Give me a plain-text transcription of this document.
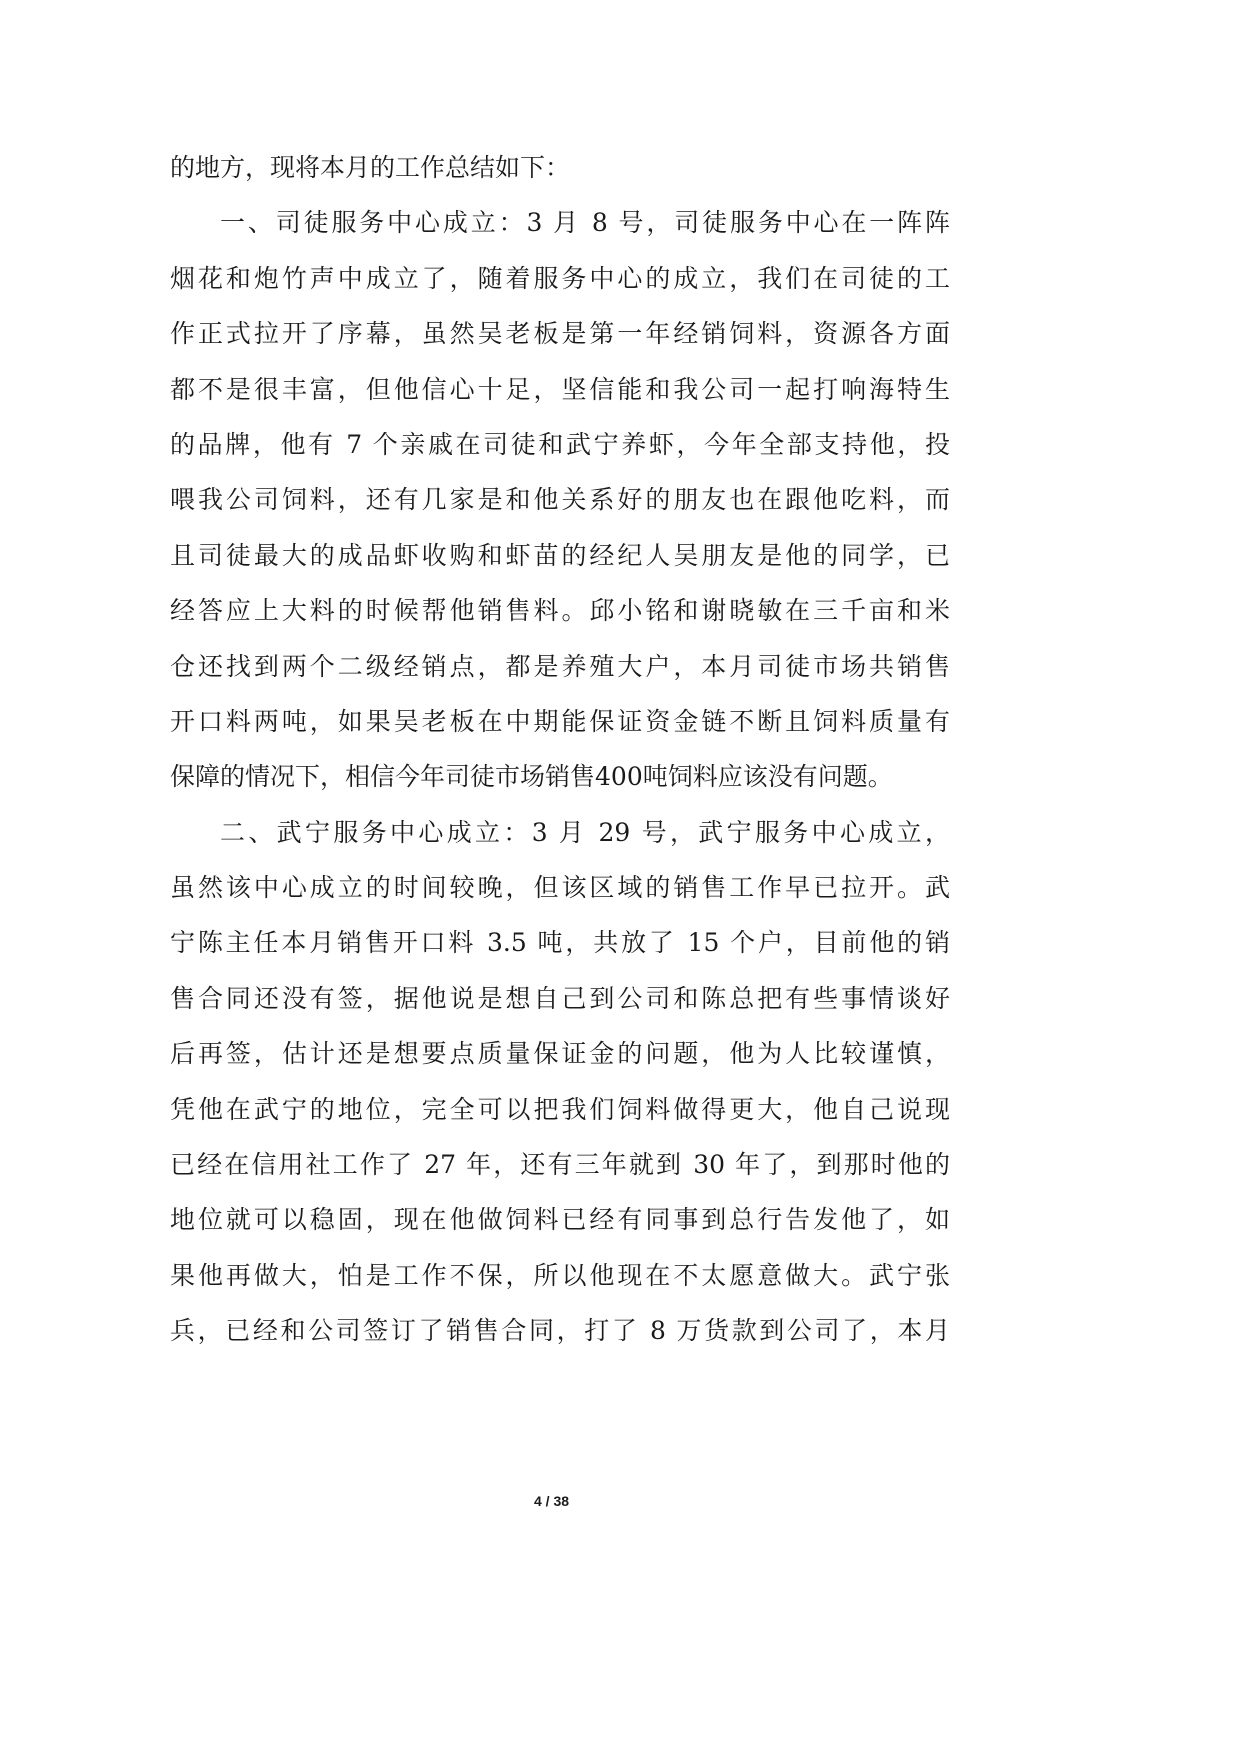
的地方，现将本月的工作总结如下：
一、司徒服务中心成立：3 月 8 号，司徒服务中心在一阵阵
烟花和炮竹声中成立了，随着服务中心的成立，我们在司徒的工
作正式拉开了序幕，虽然吴老板是第一年经销饲料，资源各方面
都不是很丰富，但他信心十足，坚信能和我公司一起打响海特生
的品牌，他有 7 个亲戚在司徒和武宁养虾，今年全部支持他，投
喂我公司饲料，还有几家是和他关系好的朋友也在跟他吃料，而
且司徒最大的成品虾收购和虾苗的经纪人吴朋友是他的同学，已
经答应上大料的时候帮他销售料。邱小铭和谢晓敏在三千亩和米
仓还找到两个二级经销点，都是养殖大户，本月司徒市场共销售
开口料两吨，如果吴老板在中期能保证资金链不断且饲料质量有
保障的情况下，相信今年司徒市场销售400吨饲料应该没有问题。
二、武宁服务中心成立：3 月 29 号，武宁服务中心成立，
虽然该中心成立的时间较晚，但该区域的销售工作早已拉开。武
宁陈主任本月销售开口料 3.5 吨，共放了 15 个户，目前他的销
售合同还没有签，据他说是想自己到公司和陈总把有些事情谈好
后再签，估计还是想要点质量保证金的问题，他为人比较谨慎，
凭他在武宁的地位，完全可以把我们饲料做得更大，他自己说现
已经在信用社工作了 27 年，还有三年就到 30 年了，到那时他的
地位就可以稳固，现在他做饲料已经有同事到总行告发他了，如
果他再做大，怕是工作不保，所以他现在不太愿意做大。武宁张
兵，已经和公司签订了销售合同，打了 8 万货款到公司了，本月
4 / 38
